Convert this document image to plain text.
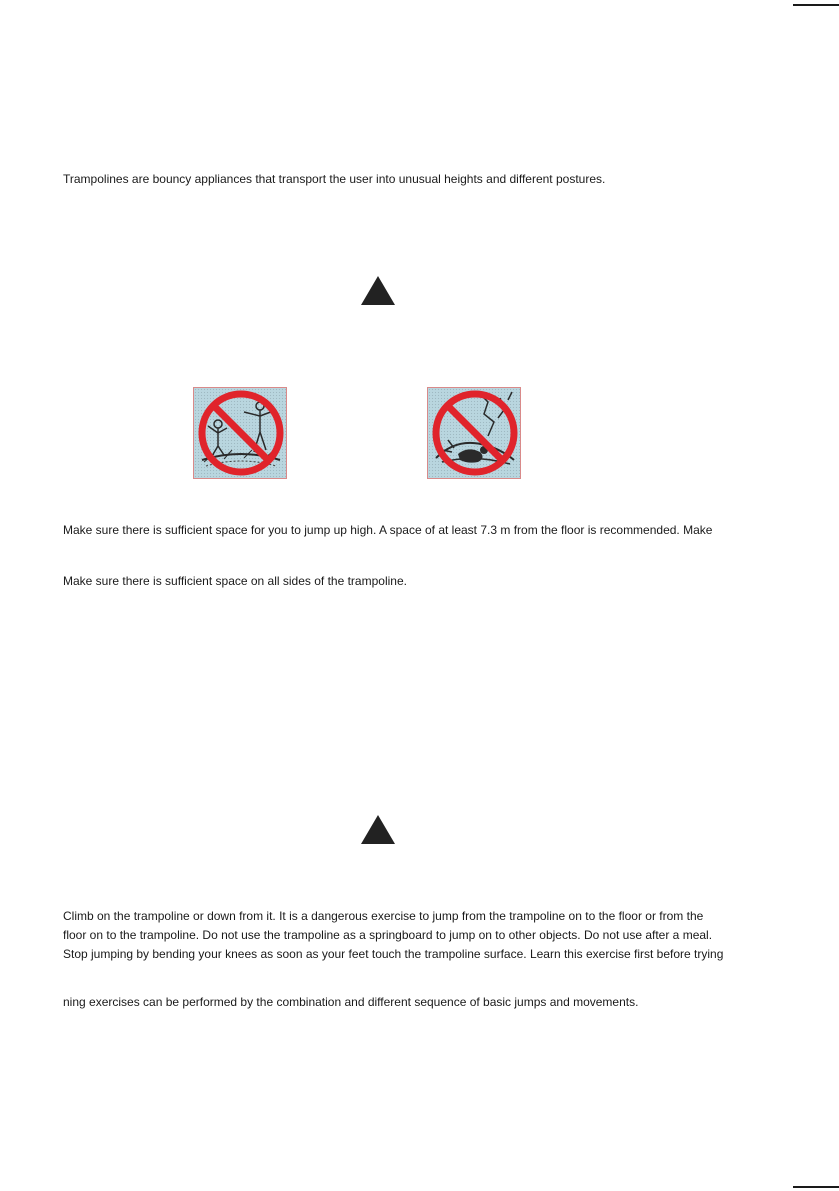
Trampolines are bouncy appliances that transport the user into unusual heights and different postures.
Make sure there is sufficient space for you to jump up high. A space of at least 7.3 m from the floor is recommended. Make
Make sure there is sufficient space on all sides of the trampoline.
Climb on the trampoline or down from it. It is a dangerous exercise to jump from the trampoline on to the floor or from the
floor on to the trampoline. Do not use the trampoline as a springboard to jump on to other objects. Do not use after a meal.
Stop jumping by bending your knees as soon as your feet touch the trampoline surface. Learn this exercise first before trying
ning exercises can be performed by the combination and different sequence of basic jumps and movements.
